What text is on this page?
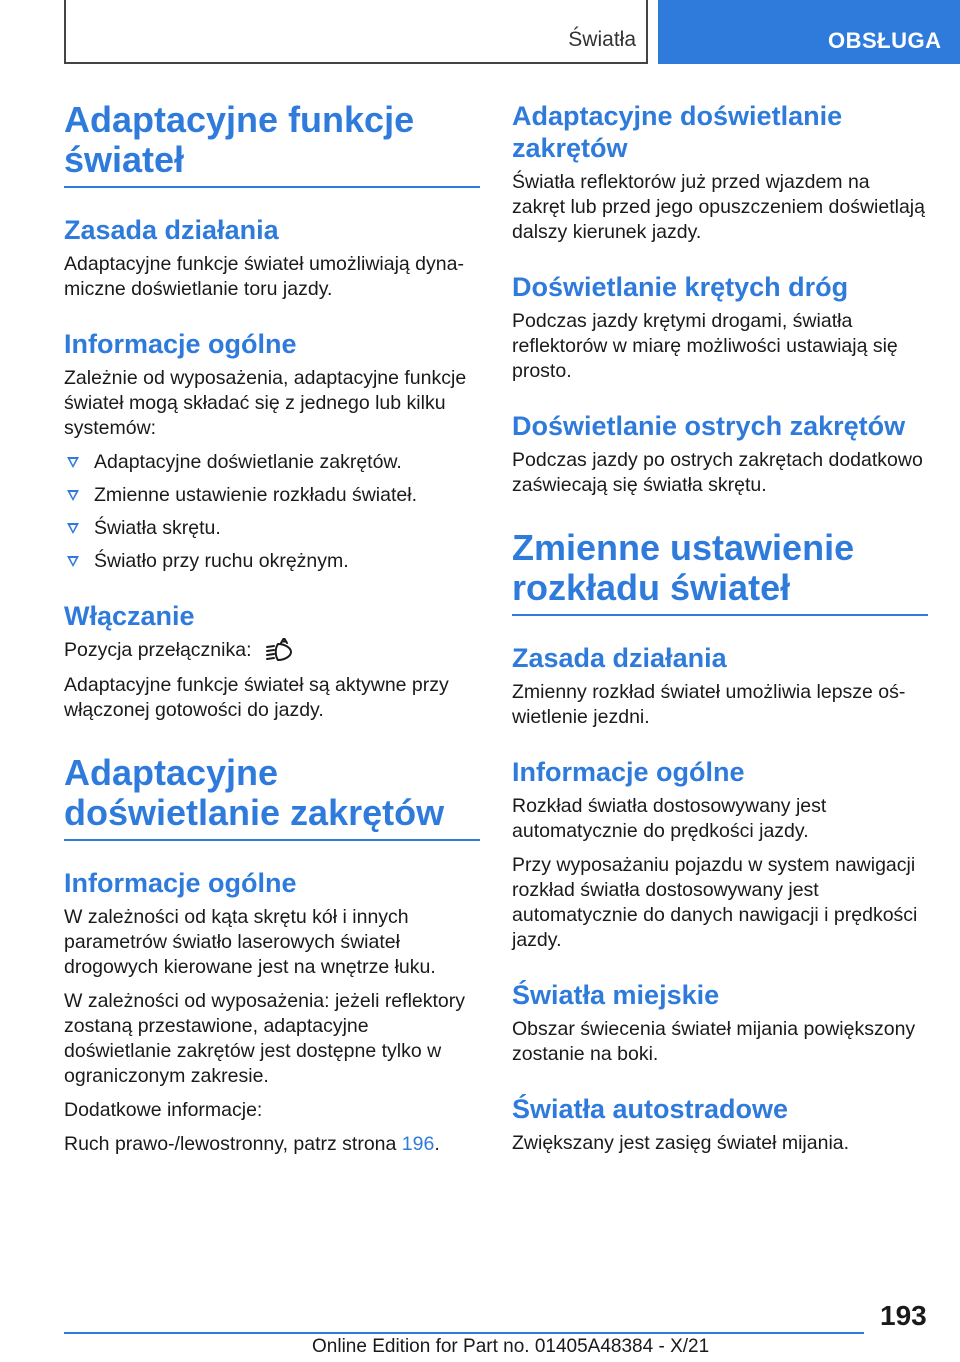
Światła	OBSŁUGA
Adaptacyjne funkcje świateł
Zasada działania

Adaptacyjne funkcje świateł umożliwiają dynamiczne doświetlanie toru jazdy.

Informacje ogólne

Zależnie od wyposażenia, adaptacyjne funkcje świateł mogą składać się z jednego lub kilku systemów:

Adaptacyjne doświetlanie zakrętów.
Zmienne ustawienie rozkładu świateł.
Światła skrętu.
Światło przy ruchu okrężnym.
Włączanie

Pozycja przełącznika:

Adaptacyjne funkcje świateł są aktywne przy włączonej gotowości do jazdy.

Adaptacyjne doświetlanie zakrętów
Informacje ogólne

W zależności od kąta skrętu kół i innych parametrów światło laserowych świateł drogowych kierowane jest na wnętrze łuku.

W zależności od wyposażenia: jeżeli reflektory zostaną przestawione, adaptacyjne doświetlanie zakrętów jest dostępne tylko w ograniczonym zakresie.

Dodatkowe informacje:

Ruch prawo-/lewostronny, patrz strona 196.

Adaptacyjne doświetlanie zakrętów

Światła reflektorów już przed wjazdem na zakręt lub przed jego opuszczeniem doświetlają dalszy kierunek jazdy.

Doświetlanie krętych dróg

Podczas jazdy krętymi drogami, światła reflektorów w miarę możliwości ustawiają się prosto.

Doświetlanie ostrych zakrętów

Podczas jazdy po ostrych zakrętach dodatkowo zaświecają się światła skrętu.

Zmienne ustawienie rozkładu świateł
Zasada działania

Zmienny rozkład świateł umożliwia lepsze oświetlenie jezdni.

Informacje ogólne

Rozkład światła dostosowywany jest automatycznie do prędkości jazdy.

Przy wyposażaniu pojazdu w system nawigacji rozkład światła dostosowywany jest automatycznie do danych nawigacji i prędkości jazdy.

Światła miejskie

Obszar świecenia świateł mijania powiększony zostanie na boki.

Światła autostradowe

Zwiększany jest zasięg świateł mijania.

193
Online Edition for Part no. 01405A48384 - X/21
